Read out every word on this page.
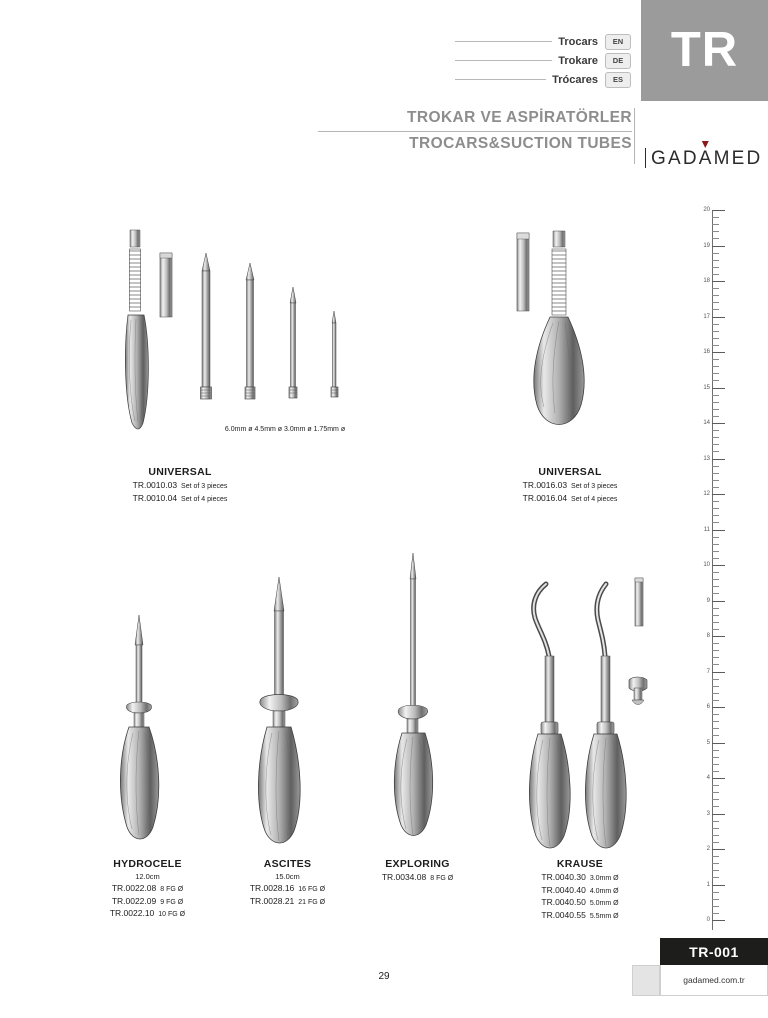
TR
Trocars	EN
Trokare	DE
Trócares	ES
TROKAR VE ASPİRATÖRLER
TROCARS&SUCTION TUBES
GADAMED
20
19
18
17
16
15
14
13
12
11
10
9
8
7
6
5
4
3
2
1
0
6.0mm ø 4.5mm ø 3.0mm ø 1.75mm ø
UNIVERSAL
TR.0010.03 Set of 3 pieces
TR.0010.04 Set of 4 pieces
UNIVERSAL
TR.0016.03 Set of 3 pieces
TR.0016.04 Set of 4 pieces
HYDROCELE
12.0cm
TR.0022.08 8 FG Ø
TR.0022.09 9 FG Ø
TR.0022.10 10 FG Ø
ASCITES
15.0cm
TR.0028.16 16 FG Ø
TR.0028.21 21 FG Ø
EXPLORING
TR.0034.08 8 FG Ø
KRAUSE
TR.0040.30 3.0mm Ø
TR.0040.40 4.0mm Ø
TR.0040.50 5.0mm Ø
TR.0040.55 5.5mm Ø
TR-001
gadamed.com.tr
29
